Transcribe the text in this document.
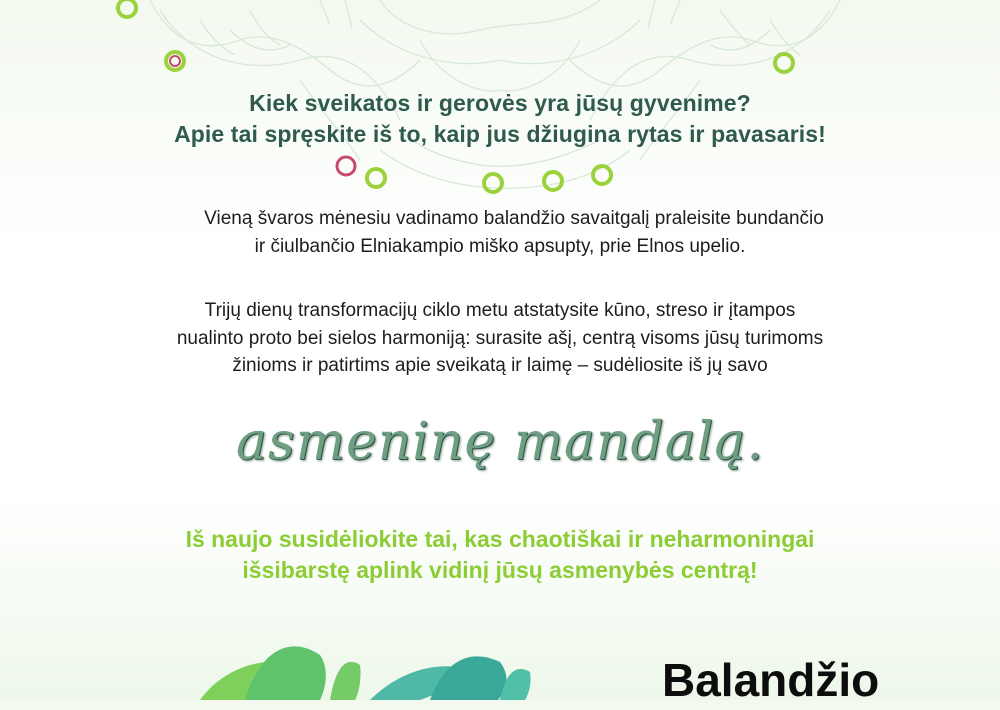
Kiek sveikatos ir gerovės yra jūsų gyvenime?
Apie tai spręskite iš to, kaip jus džiugina rytas ir pavasaris!
Vieną švaros mėnesiu vadinamo balandžio savaitgalį praleisite bundančio
ir čiulbančio Elniakampio miško apsupty, prie Elnos upelio.
Trijų dienų transformacijų ciklo metu atstatysite kūno, streso ir įtampos
nualinto proto bei sielos harmoniją: surasite ašį, centrą visoms jūsų turimoms
žinioms ir patirtims apie sveikatą ir laimę – sudėliosite iš jų savo
asmeninę mandalą.
Iš naujo susidėliokite tai, kas chaotiškai ir neharmoningai
išsibarstę aplink vidinį jūsų asmenybės centrą!
Balandžio
